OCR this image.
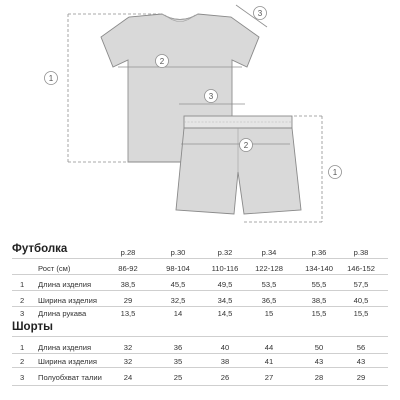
1
2
3
3
2
1
Футболка	р.28	р.30	р.32	р.34	р.36	р.38
Рост (см)	86-92	98-104	110-116	122-128	134-140	146-152
1 Длина изделия	38,5	45,5	49,5	53,5	55,5	57,5
2 Ширина изделия	29	32,5	34,5	36,5	38,5	40,5
3 Длина рукава	13,5	14	14,5	15	15,5	15,5
Шорты
1 Длина изделия	32	36	40	44	50	56
2 Ширина изделия	32	35	38	41	43	43
3 Полуобхват талии	24	25	26	27	28	29
